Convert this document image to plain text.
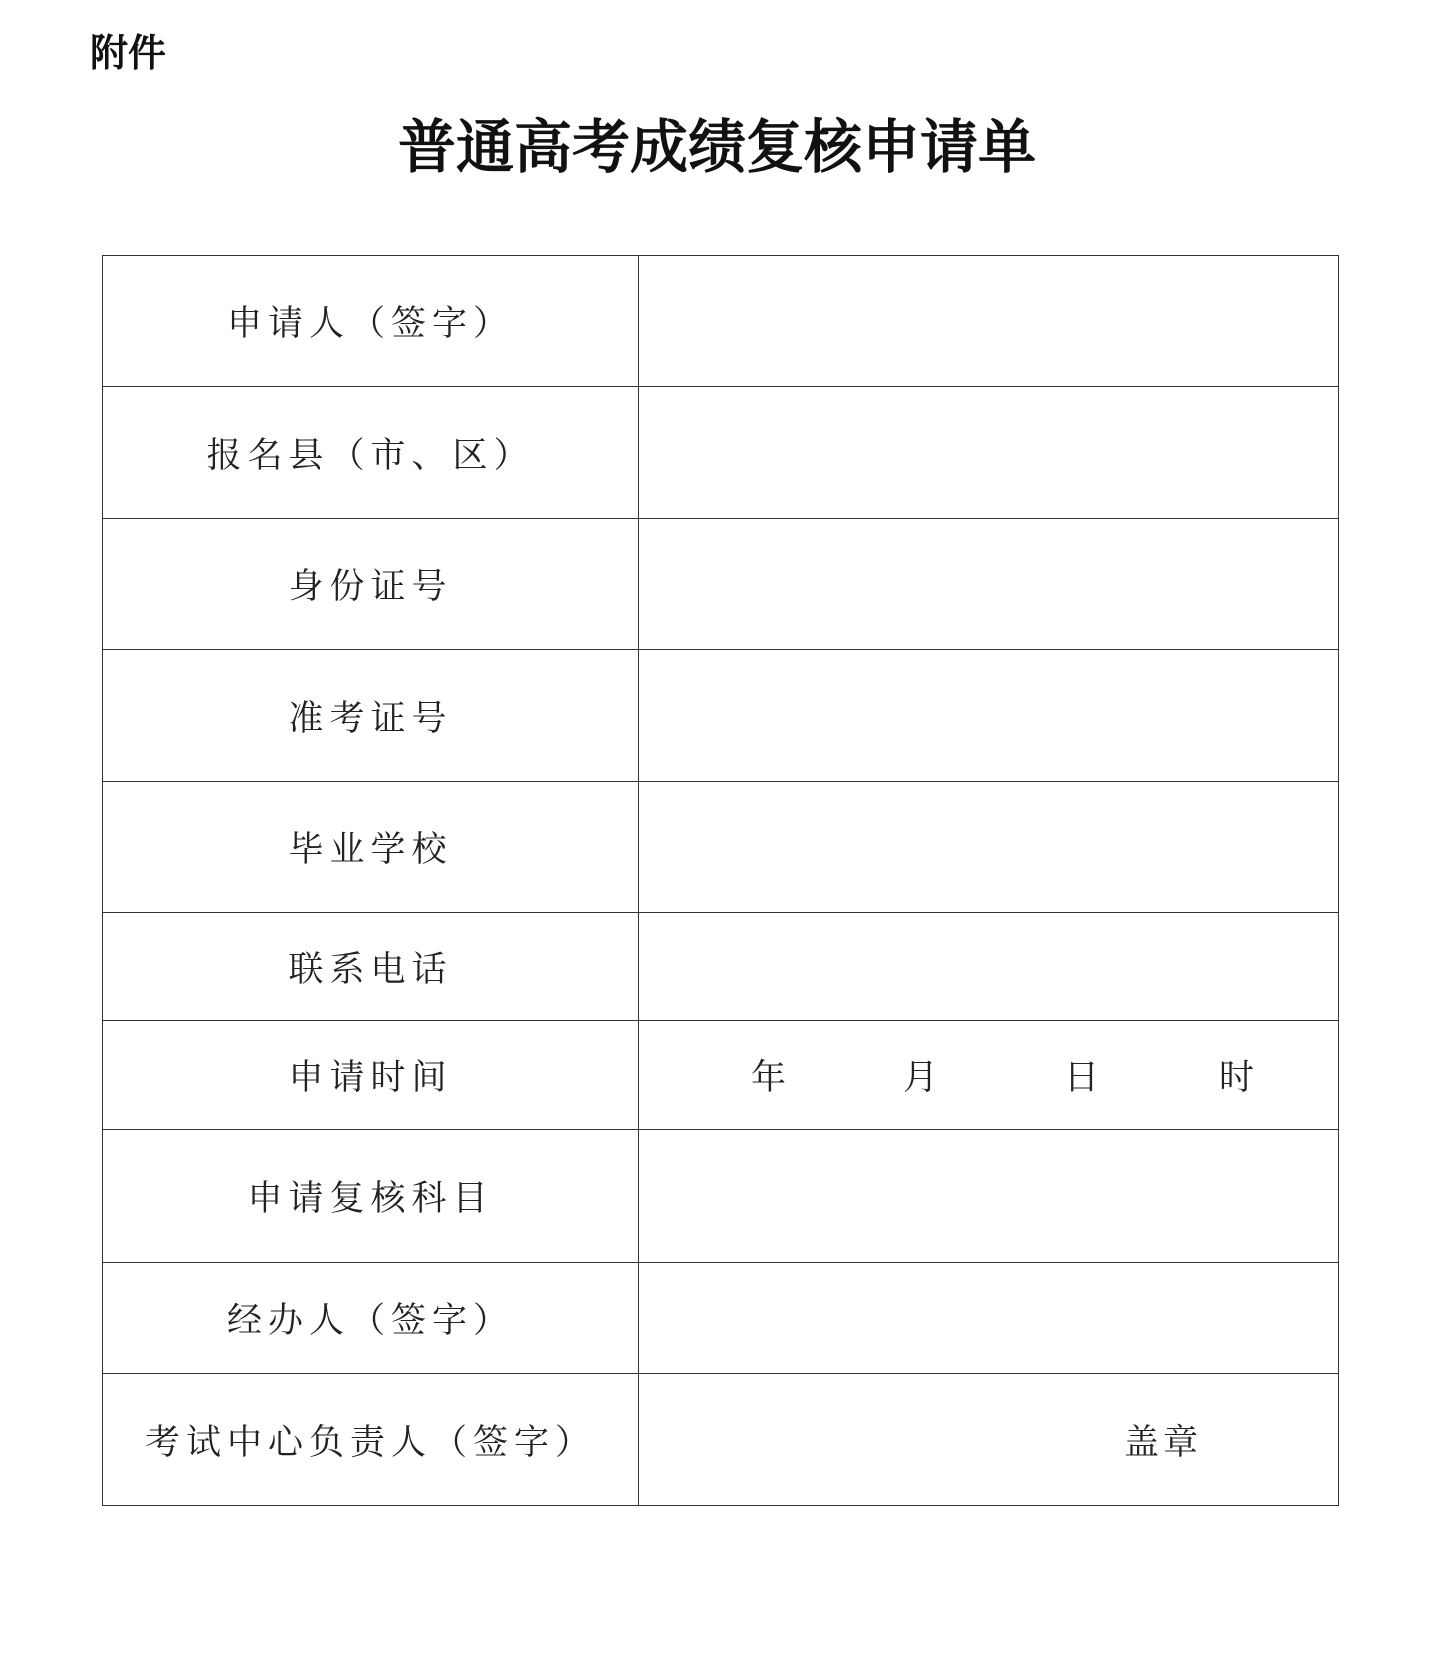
附件
普通高考成绩复核申请单
申请人（签字）	
报名县（市、区）	
身份证号	
准考证号	
毕业学校	
联系电话	
申请时间	年 月 日 时

申请复核科目	
经办人（签字）	
考试中心负责人（签字）	盖章
